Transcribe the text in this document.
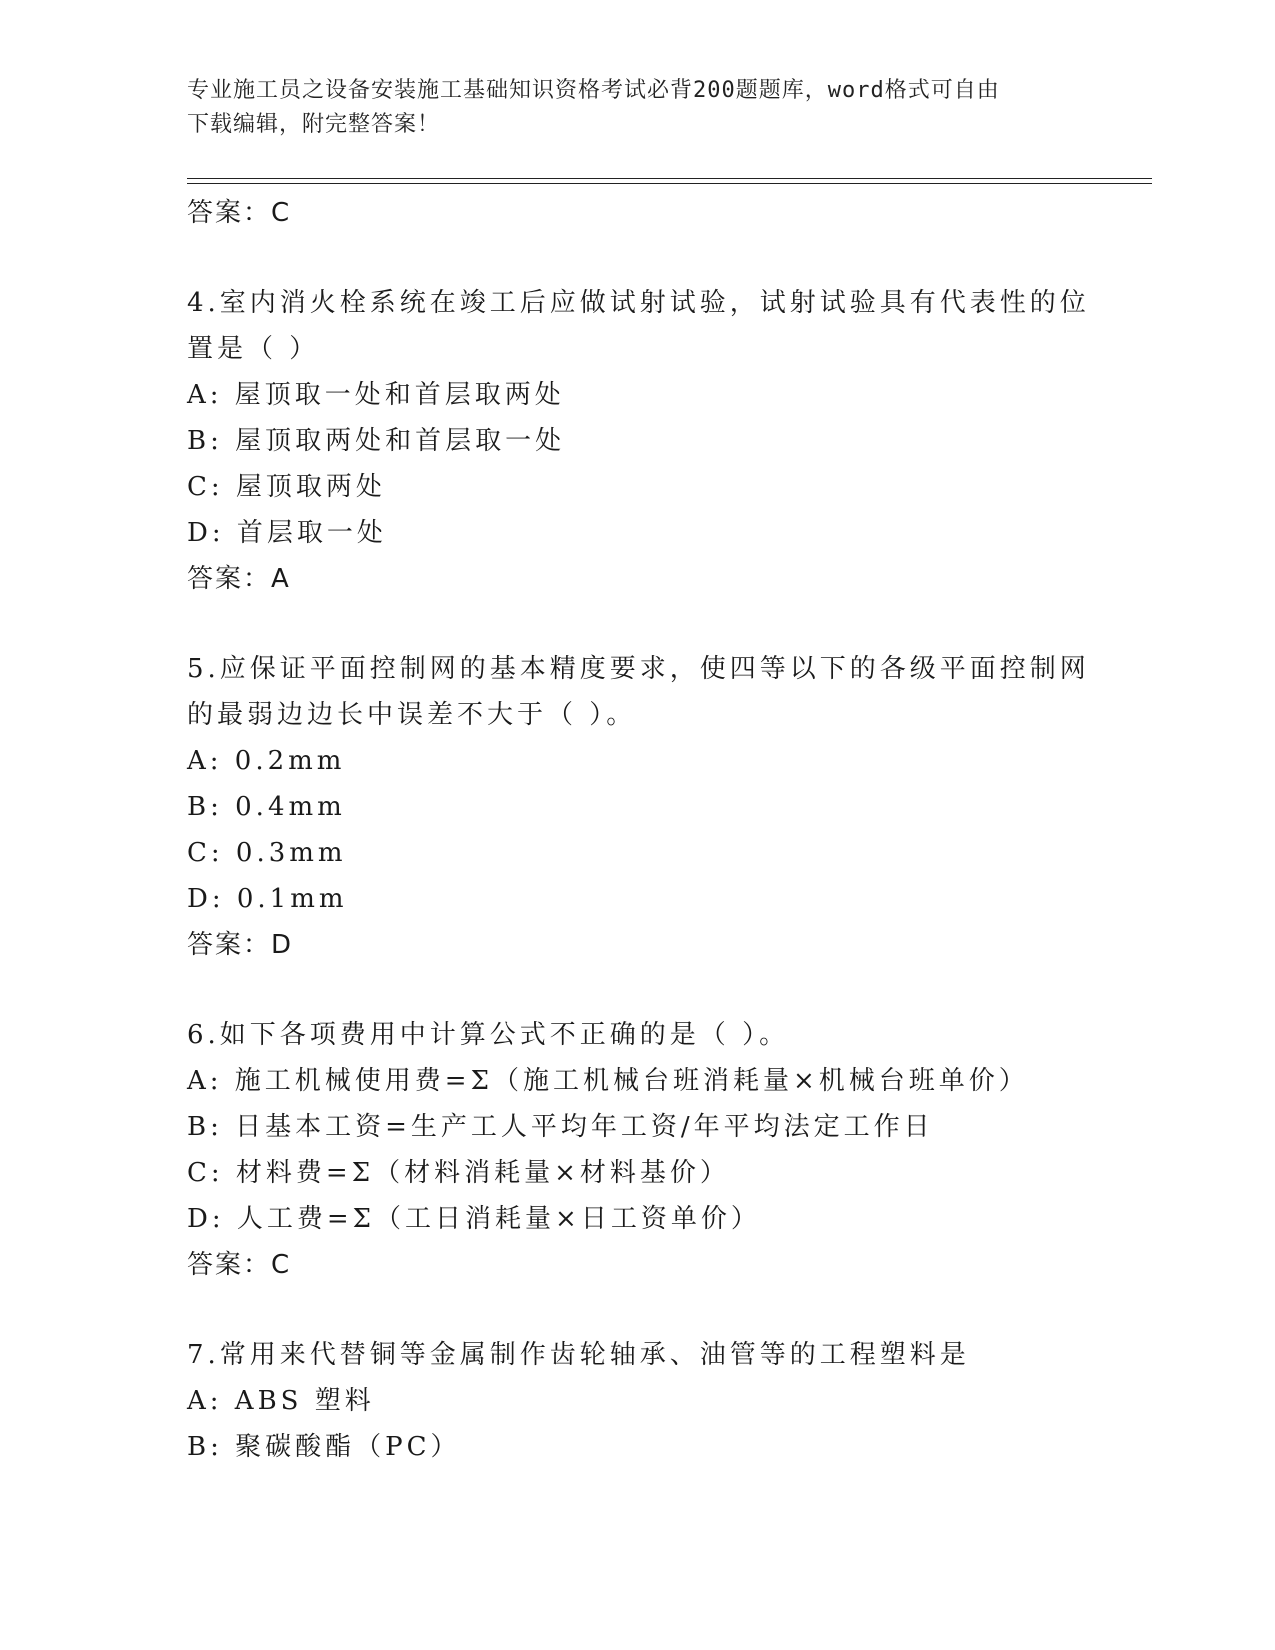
专业施工员之设备安装施工基础知识资格考试必背200题题库，word格式可自由
下载编辑，附完整答案！
答案：C
4.室内消火栓系统在竣工后应做试射试验，试射试验具有代表性的位
置是（ ）
A: 屋顶取一处和首层取两处
B: 屋顶取两处和首层取一处
C: 屋顶取两处
D: 首层取一处
答案：A
5.应保证平面控制网的基本精度要求，使四等以下的各级平面控制网
的最弱边边长中误差不大于（ ）。
A: 0.2mm
B: 0.4mm
C: 0.3mm
D: 0.1mm
答案：D
6.如下各项费用中计算公式不正确的是（ ）。
A: 施工机械使用费=Σ（施工机械台班消耗量×机械台班单价）
B: 日基本工资=生产工人平均年工资/年平均法定工作日
C: 材料费=Σ（材料消耗量×材料基价）
D: 人工费=Σ（工日消耗量×日工资单价）
答案：C
7.常用来代替铜等金属制作齿轮轴承、油管等的工程塑料是
A: ABS 塑料
B: 聚碳酸酯（PC）
